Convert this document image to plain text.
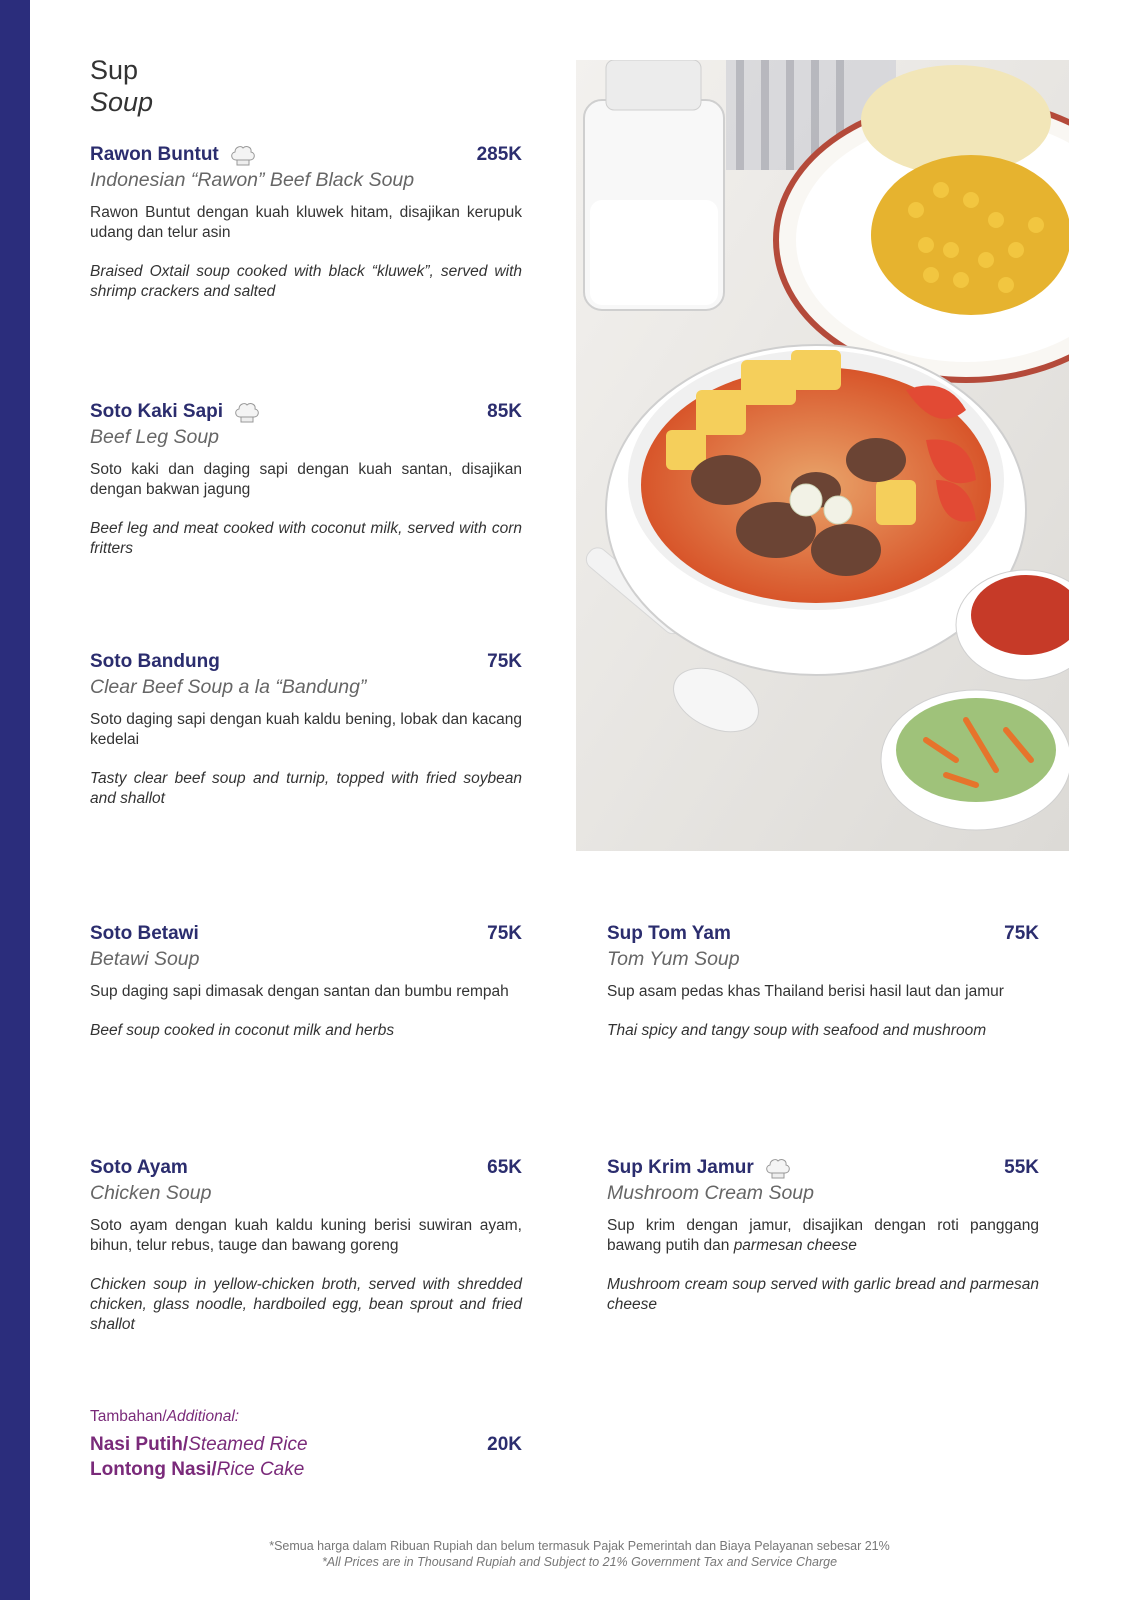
Sup
Soup
Rawon Buntut	285K
Indonesian “Rawon” Beef Black Soup
Rawon Buntut dengan kuah kluwek hitam, disajikan kerupuk udang dan telur asin
Braised Oxtail soup cooked with black “kluwek”, served with shrimp crackers and salted
Soto Kaki Sapi	85K
Beef Leg Soup
Soto kaki dan daging sapi dengan kuah santan, disajikan dengan bakwan jagung
Beef leg and meat cooked with coconut milk, served with corn fritters
Soto Bandung	75K
Clear Beef Soup a la “Bandung”
Soto daging sapi dengan kuah kaldu bening, lobak dan kacang kedelai
Tasty clear beef soup and turnip, topped with fried soybean and shallot
Soto Betawi	75K
Betawi Soup
Sup daging sapi dimasak dengan santan dan bumbu rempah
Beef soup cooked in coconut milk and herbs
Sup Tom Yam	75K
Tom Yum Soup
Sup asam pedas khas Thailand berisi hasil laut dan jamur
Thai spicy and tangy soup with seafood and mushroom
Soto Ayam	65K
Chicken Soup
Soto ayam dengan kuah kaldu kuning berisi suwiran ayam, bihun, telur rebus, tauge dan bawang goreng
Chicken soup in yellow-chicken broth, served with shredded chicken, glass noodle, hardboiled egg, bean sprout and fried shallot
Sup Krim Jamur	55K
Mushroom Cream Soup
Sup krim dengan jamur, disajikan dengan roti panggang bawang putih dan parmesan cheese
Mushroom cream soup served with garlic bread and parmesan cheese
Tambahan/Additional:
Nasi Putih/Steamed Rice	20K
Lontong Nasi/Rice Cake
*Semua harga dalam Ribuan Rupiah dan belum termasuk Pajak Pemerintah dan Biaya Pelayanan sebesar 21%
*All Prices are in Thousand Rupiah and Subject to 21% Government Tax and Service Charge
